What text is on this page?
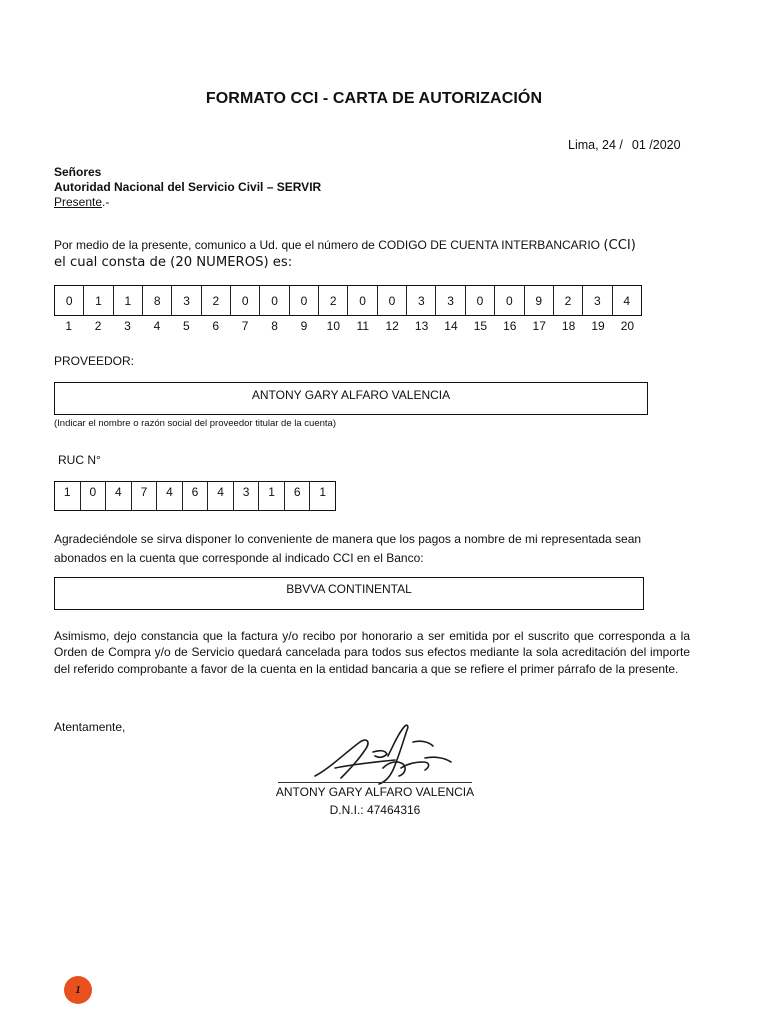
FORMATO CCI - CARTA DE AUTORIZACIÓN
Lima, 24 / 01 /2020
Señores
Autoridad Nacional del Servicio Civil – SERVIR
Presente.-
Por medio de la presente, comunico a Ud. que el número de CODIGO DE CUENTA INTERBANCARIO (CCI)
el cual consta de (20 NUMEROS) es:
0	1	1	8	3	2	0	0	0	2	0	0	3	3	0	0	9	2	3	4
1	2	3	4	5	6	7	8	9	10	11	12	13	14	15	16	17	18	19	20
PROVEEDOR:
ANTONY GARY ALFARO VALENCIA
(Indicar el nombre o razón social del proveedor titular de la cuenta)
RUC N°
1	0	4	7	4	6	4	3	1	6	1
Agradeciéndole se sirva disponer lo conveniente de manera que los pagos a nombre de mi representada sean abonados en la cuenta que corresponde al indicado CCI en el Banco:
BBVVA CONTINENTAL
Asimismo, dejo constancia que la factura y/o recibo por honorario a ser emitida por el suscrito que corresponda a la Orden de Compra y/o de Servicio quedará cancelada para todos sus efectos mediante la sola acreditación del importe del referido comprobante a favor de la cuenta en la entidad bancaria a que se refiere el primer párrafo de la presente.
Atentamente,
ANTONY GARY ALFARO VALENCIA
D.N.I.: 47464316
1
